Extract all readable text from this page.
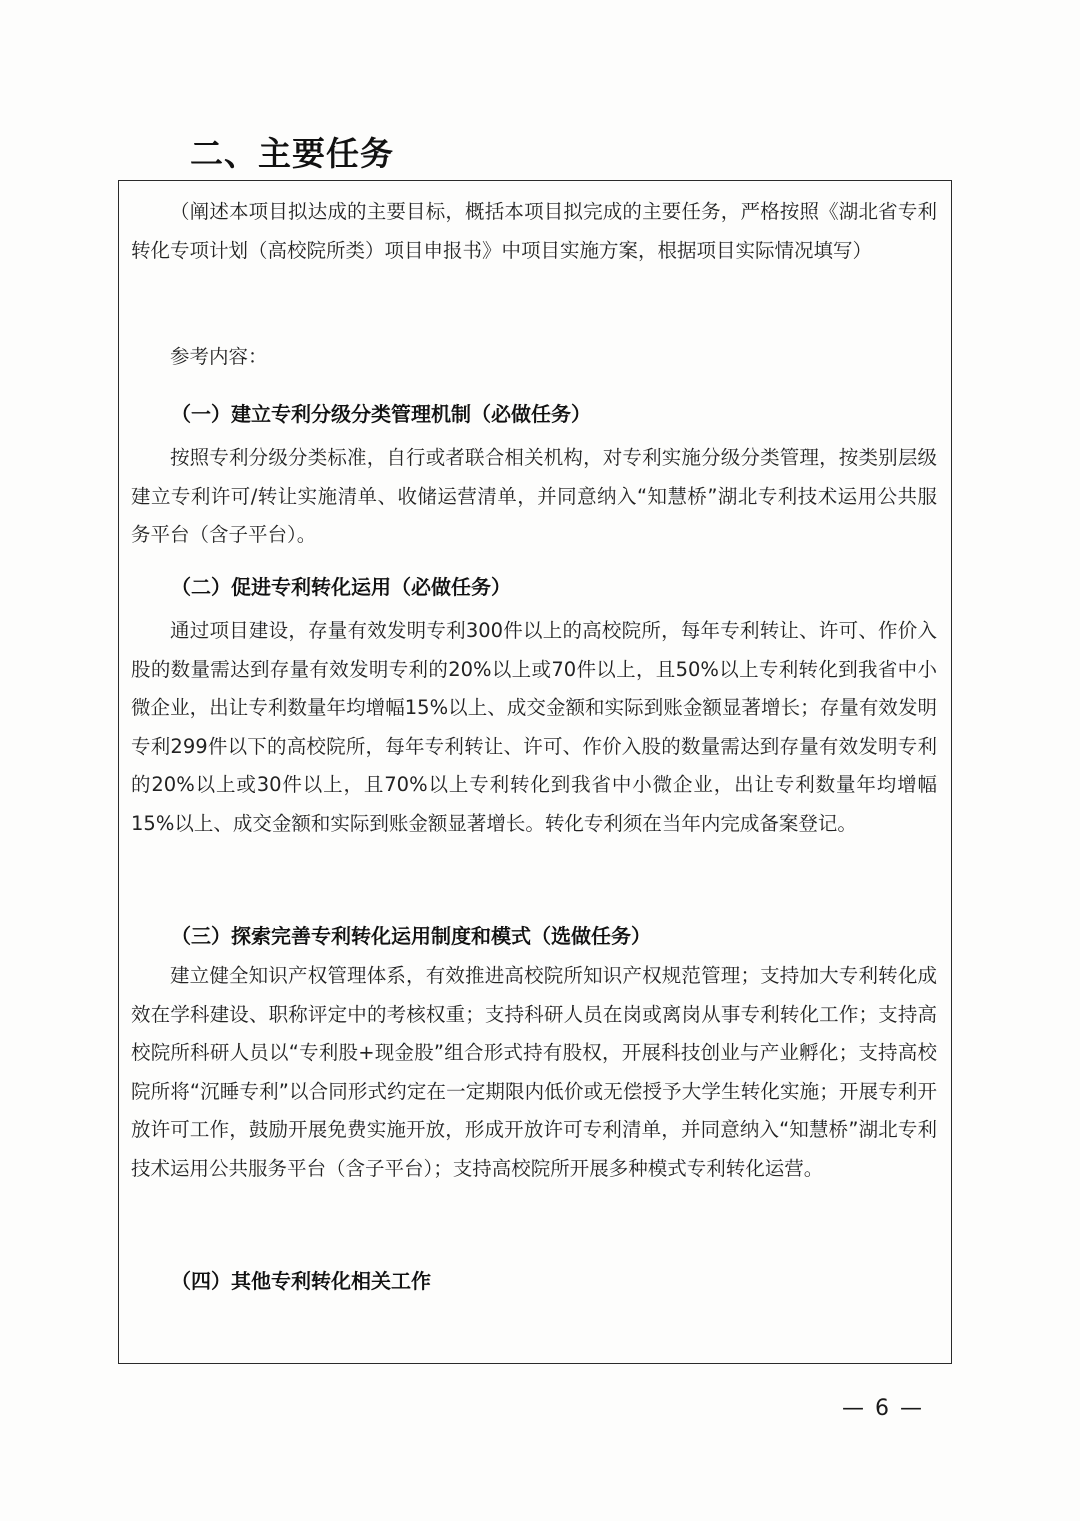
二、主要任务

（阐述本项目拟达成的主要目标，概括本项目拟完成的主要任务，严格按照《湖北省专利转化专项计划（高校院所类）项目申报书》中项目实施方案，根据项目实际情况填写）

参考内容：

（一）建立专利分级分类管理机制（必做任务）

按照专利分级分类标准，自行或者联合相关机构，对专利实施分级分类管理，按类别层级建立专利许可/转让实施清单、收储运营清单，并同意纳入“知慧桥”湖北专利技术运用公共服务平台（含子平台）。

（二）促进专利转化运用（必做任务）

通过项目建设，存量有效发明专利300件以上的高校院所，每年专利转让、许可、作价入股的数量需达到存量有效发明专利的20%以上或70件以上，且50%以上专利转化到我省中小微企业，出让专利数量年均增幅15%以上、成交金额和实际到账金额显著增长；存量有效发明专利299件以下的高校院所，每年专利转让、许可、作价入股的数量需达到存量有效发明专利的20%以上或30件以上，且70%以上专利转化到我省中小微企业，出让专利数量年均增幅15%以上、成交金额和实际到账金额显著增长。转化专利须在当年内完成备案登记。

（三）探索完善专利转化运用制度和模式（选做任务）

建立健全知识产权管理体系，有效推进高校院所知识产权规范管理；支持加大专利转化成效在学科建设、职称评定中的考核权重；支持科研人员在岗或离岗从事专利转化工作；支持高校院所科研人员以“专利股+现金股”组合形式持有股权，开展科技创业与产业孵化；支持高校院所将“沉睡专利”以合同形式约定在一定期限内低价或无偿授予大学生转化实施；开展专利开放许可工作，鼓励开展免费实施开放，形成开放许可专利清单，并同意纳入“知慧桥”湖北专利技术运用公共服务平台（含子平台）；支持高校院所开展多种模式专利转化运营。

（四）其他专利转化相关工作

— 6 —
